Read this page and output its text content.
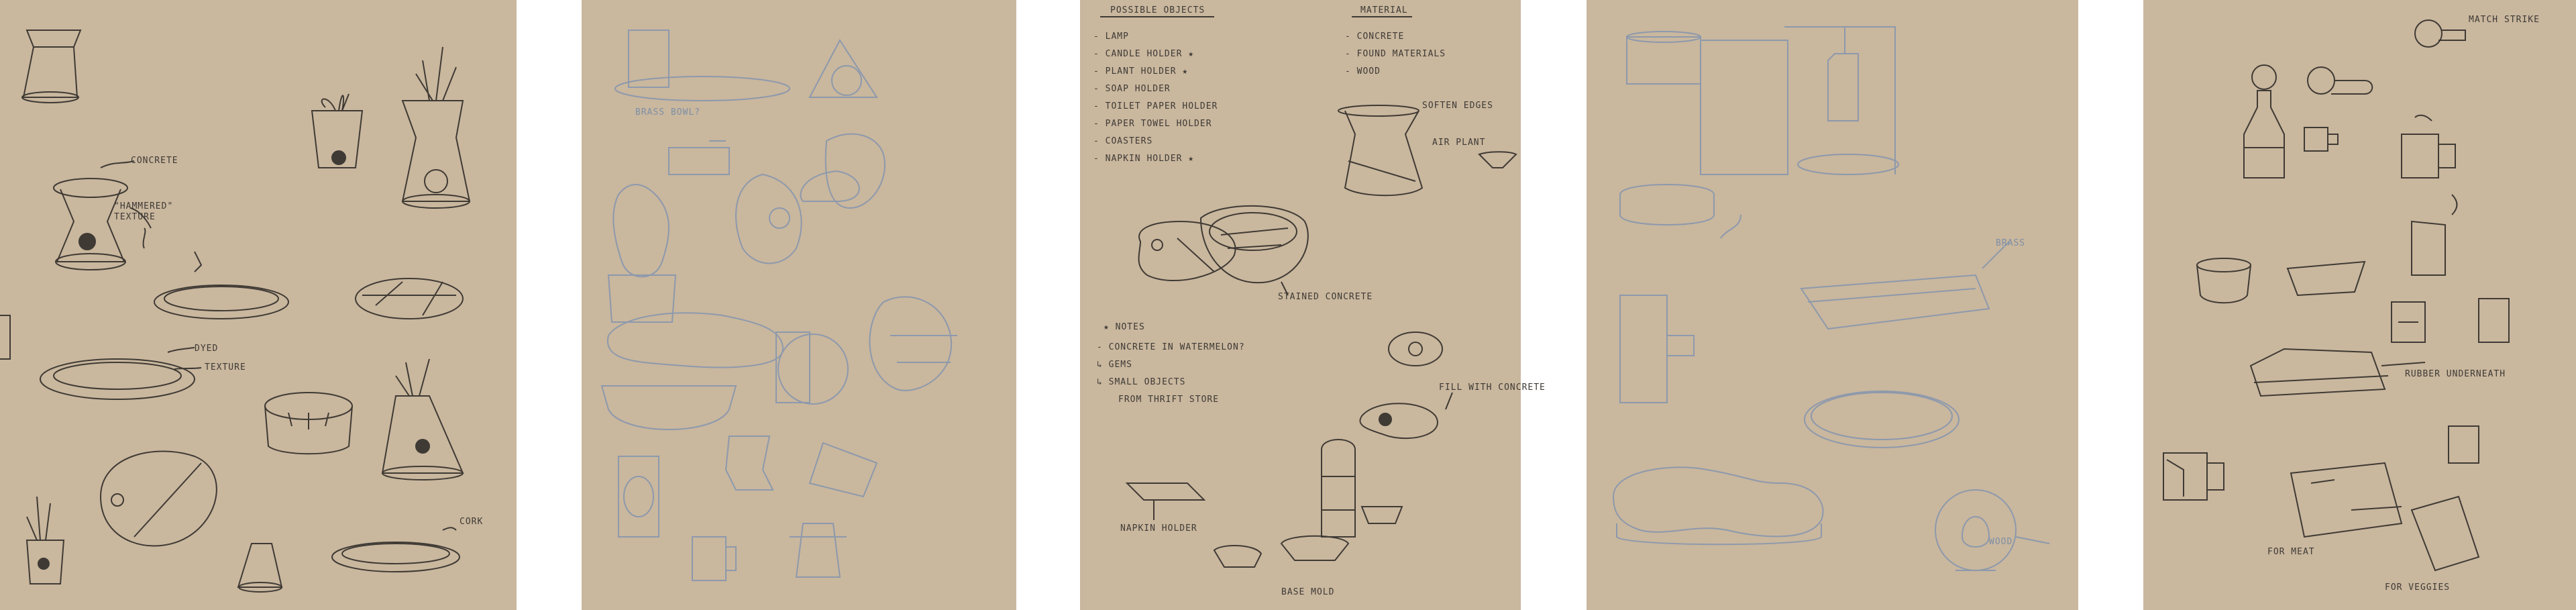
CONCRETE
"HAMMERED"
TEXTURE
DYED
TEXTURE
CORK
BRASS BOWL?
POSSIBLE OBJECTS	MATERIAL
- LAMP
- CANDLE HOLDER ★
- PLANT HOLDER ★
- SOAP HOLDER
- TOILET PAPER HOLDER
- PAPER TOWEL HOLDER
- COASTERS
- NAPKIN HOLDER ★
- CONCRETE
- FOUND MATERIALS
- WOOD
★ NOTES
- CONCRETE IN WATERMELON?
↳ GEMS
↳ SMALL OBJECTS
FROM THRIFT STORE
SOFTEN EDGES
AIR PLANT
STAINED CONCRETE
FILL WITH CONCRETE
NAPKIN HOLDER
BASE MOLD
BRASS
WOOD
MATCH STRIKE
RUBBER UNDERNEATH
FOR MEAT
FOR VEGGIES
